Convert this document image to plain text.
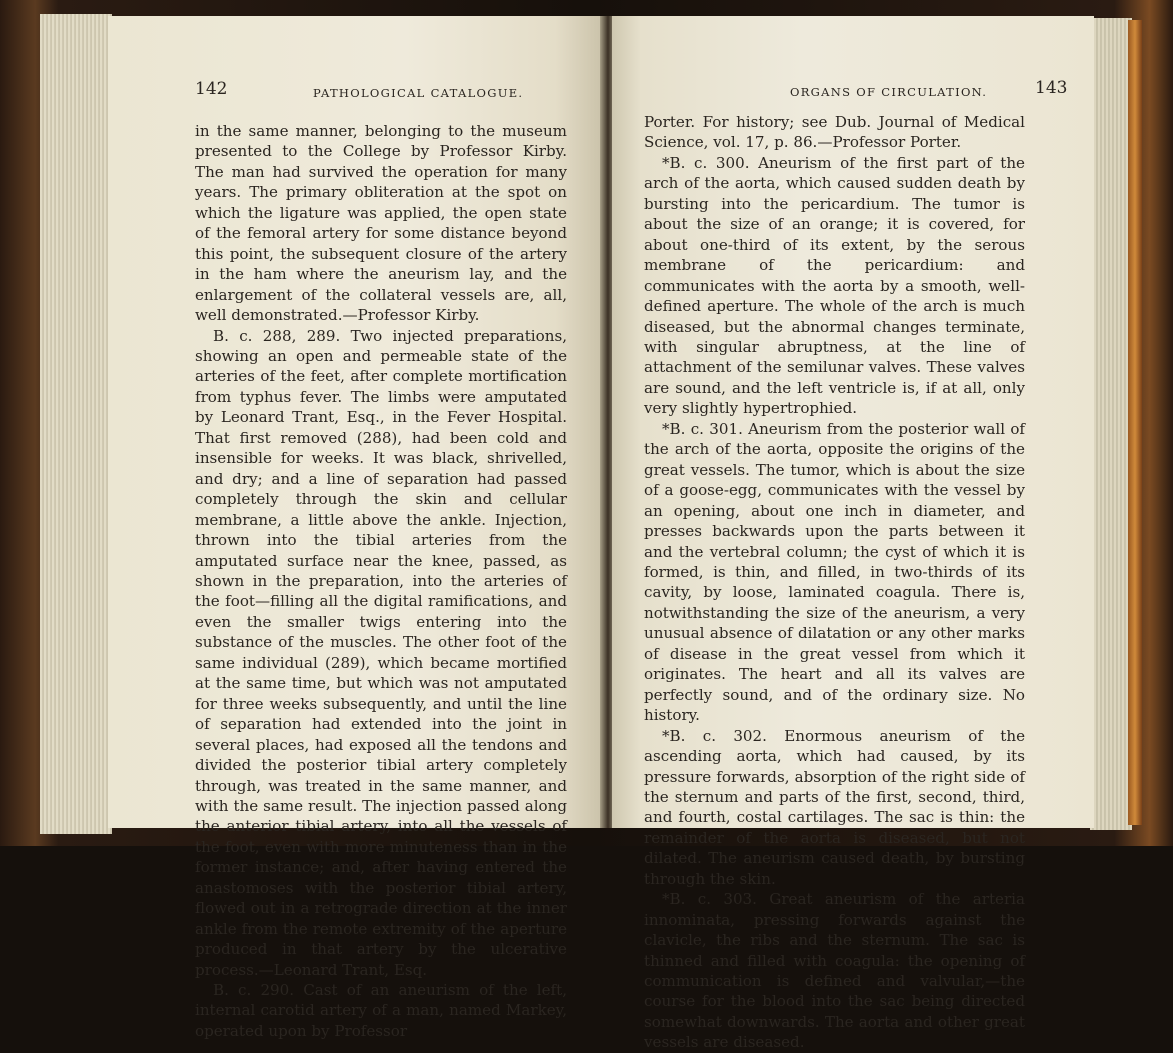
142	PATHOLOGICAL CATALOGUE.

in the same manner, belonging to the museum presented to the College by Professor Kirby. The man had survived the operation for many years. The primary obliteration at the spot on which the ligature was applied, the open state of the femoral artery for some distance beyond this point, the subsequent closure of the artery in the ham where the aneurism lay, and the enlargement of the collateral vessels are, all, well demonstrated.—Professor Kirby.

B. c. 288, 289. Two injected preparations, showing an open and permeable state of the arteries of the feet, after complete mortification from typhus fever. The limbs were amputated by Leonard Trant, Esq., in the Fever Hospital. That first removed (288), had been cold and insensible for weeks. It was black, shrivelled, and dry; and a line of separation had passed completely through the skin and cellular membrane, a little above the ankle. Injection, thrown into the tibial arteries from the amputated surface near the knee, passed, as shown in the preparation, into the arteries of the foot—filling all the digital ramifications, and even the smaller twigs entering into the substance of the muscles. The other foot of the same individual (289), which became mortified at the same time, but which was not amputated for three weeks subsequently, and until the line of separation had extended into the joint in several places, had exposed all the tendons and divided the posterior tibial artery completely through, was treated in the same manner, and with the same result. The injection passed along the anterior tibial artery, into all the vessels of the foot, even with more minuteness than in the former instance; and, after having entered the anastomoses with the posterior tibial artery, flowed out in a retrograde direction at the inner ankle from the remote extremity of the aperture produced in that artery by the ulcerative process.—Leonard Trant, Esq.

B. c. 290. Cast of an aneurism of the left, internal carotid artery of a man, named Markey, operated upon by Professor

ORGANS OF CIRCULATION.	143

Porter. For history; see Dub. Journal of Medical Science, vol. 17, p. 86.—Professor Porter.

*B. c. 300. Aneurism of the first part of the arch of the aorta, which caused sudden death by bursting into the pericardium. The tumor is about the size of an orange; it is covered, for about one-third of its extent, by the serous membrane of the pericardium: and communicates with the aorta by a smooth, well-defined aperture. The whole of the arch is much diseased, but the abnormal changes terminate, with singular abruptness, at the line of attachment of the semilunar valves. These valves are sound, and the left ventricle is, if at all, only very slightly hypertrophied.

*B. c. 301. Aneurism from the posterior wall of the arch of the aorta, opposite the origins of the great vessels. The tumor, which is about the size of a goose-egg, communicates with the vessel by an opening, about one inch in diameter, and presses backwards upon the parts between it and the vertebral column; the cyst of which it is formed, is thin, and filled, in two-thirds of its cavity, by loose, laminated coagula. There is, notwithstanding the size of the aneurism, a very unusual absence of dilatation or any other marks of disease in the great vessel from which it originates. The heart and all its valves are perfectly sound, and of the ordinary size. No history.

*B. c. 302. Enormous aneurism of the ascending aorta, which had caused, by its pressure forwards, absorption of the right side of the sternum and parts of the first, second, third, and fourth, costal cartilages. The sac is thin: the remainder of the aorta is diseased, but not dilated. The aneurism caused death, by bursting through the skin.

*B. c. 303. Great aneurism of the arteria innominata, pressing forwards against the clavicle, the ribs and the sternum. The sac is thinned and filled with coagula: the opening of communication is defined and valvular,—the course for the blood into the sac being directed somewhat downwards. The aorta and other great vessels are diseased.
